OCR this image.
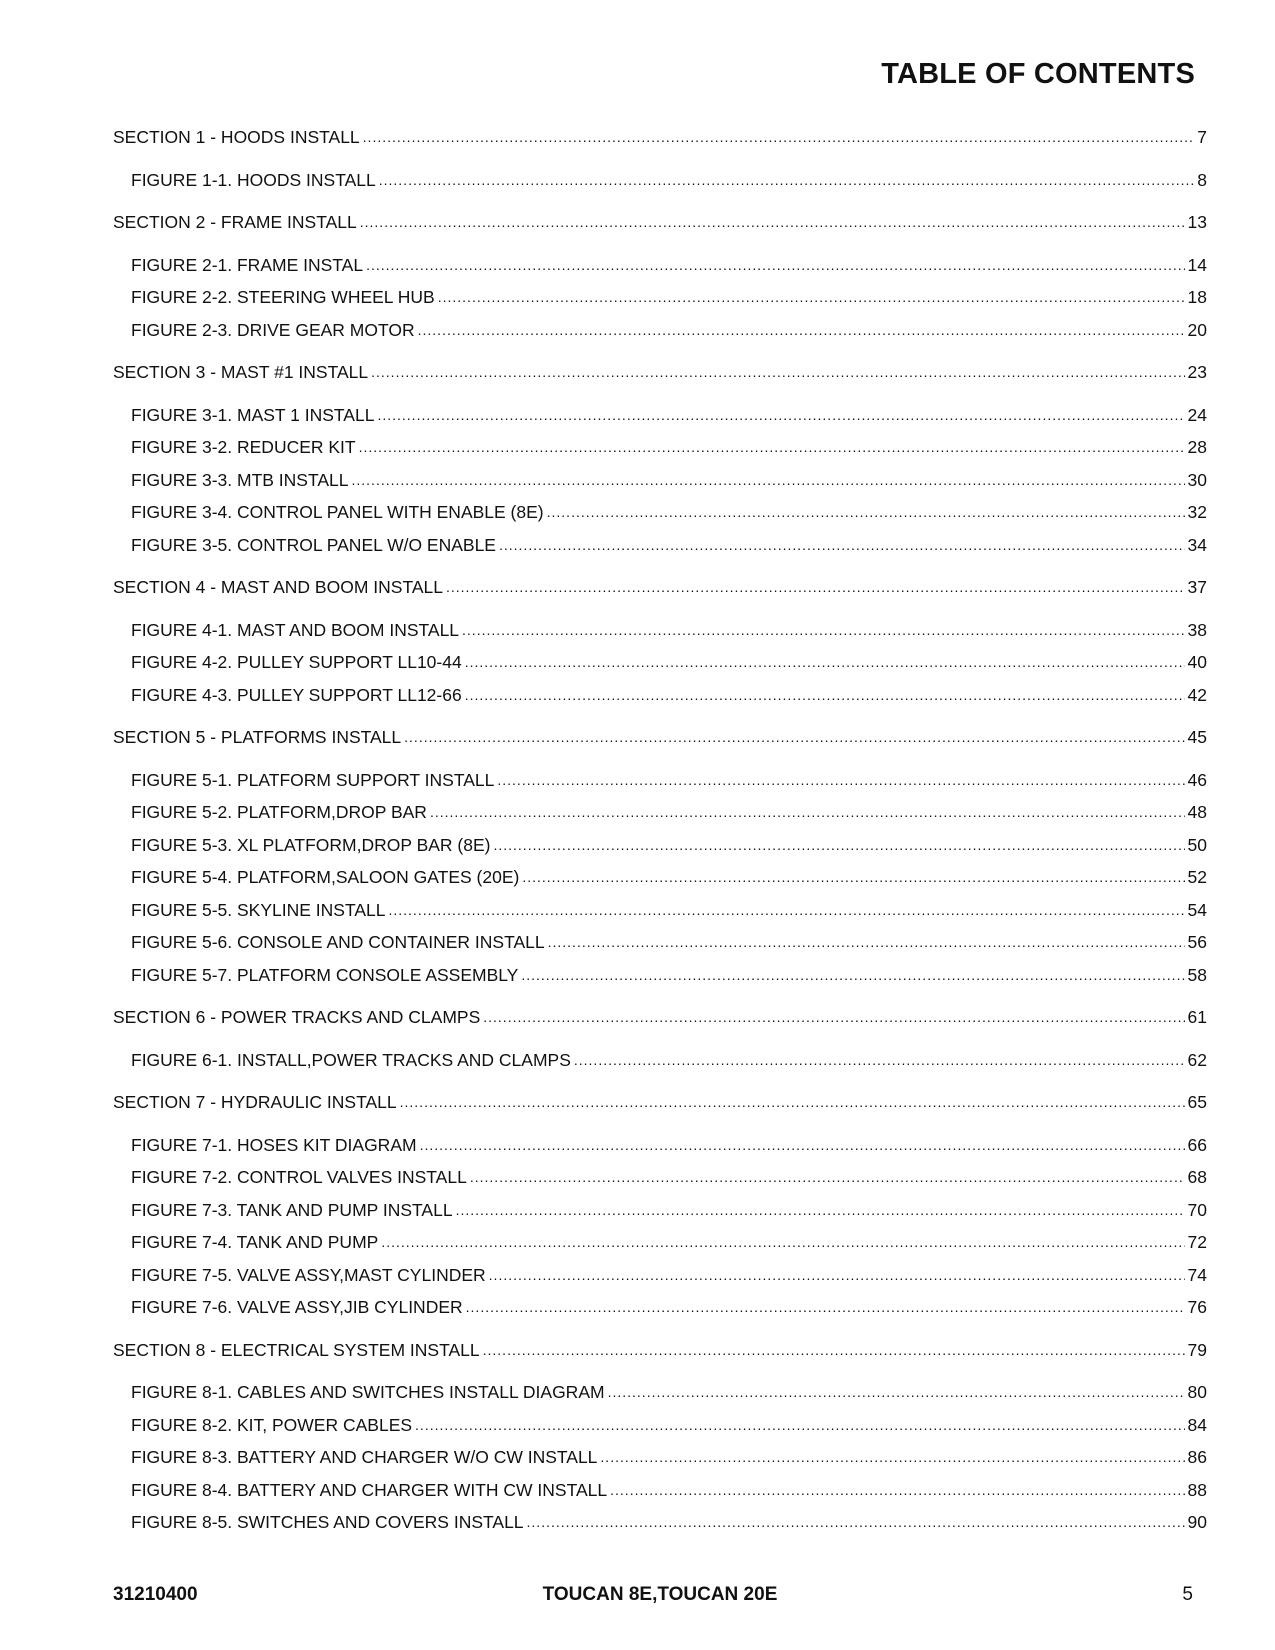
TABLE OF CONTENTS
SECTION 1 - HOODS INSTALL .....	7
FIGURE 1-1. HOODS INSTALL .....	8
SECTION 2 - FRAME INSTALL .....	13
FIGURE 2-1. FRAME INSTAL .....	14
FIGURE 2-2. STEERING WHEEL HUB .....	18
FIGURE 2-3. DRIVE GEAR MOTOR .....	20
SECTION 3 - MAST #1 INSTALL .....	23
FIGURE 3-1. MAST 1 INSTALL .....	24
FIGURE 3-2. REDUCER KIT .....	28
FIGURE 3-3. MTB INSTALL .....	30
FIGURE 3-4. CONTROL PANEL WITH ENABLE (8E) .....	32
FIGURE 3-5. CONTROL PANEL W/O ENABLE .....	34
SECTION 4 - MAST AND BOOM INSTALL .....	37
FIGURE 4-1. MAST AND BOOM INSTALL .....	38
FIGURE 4-2. PULLEY SUPPORT LL10-44 .....	40
FIGURE 4-3. PULLEY SUPPORT LL12-66 .....	42
SECTION 5 - PLATFORMS INSTALL .....	45
FIGURE 5-1. PLATFORM SUPPORT INSTALL .....	46
FIGURE 5-2. PLATFORM,DROP BAR .....	48
FIGURE 5-3. XL PLATFORM,DROP BAR (8E) .....	50
FIGURE 5-4. PLATFORM,SALOON GATES (20E) .....	52
FIGURE 5-5. SKYLINE INSTALL .....	54
FIGURE 5-6. CONSOLE AND CONTAINER INSTALL .....	56
FIGURE 5-7. PLATFORM CONSOLE ASSEMBLY .....	58
SECTION 6 - POWER TRACKS AND CLAMPS .....	61
FIGURE 6-1. INSTALL,POWER TRACKS AND CLAMPS .....	62
SECTION 7 - HYDRAULIC INSTALL .....	65
FIGURE 7-1. HOSES KIT DIAGRAM .....	66
FIGURE 7-2. CONTROL VALVES INSTALL .....	68
FIGURE 7-3. TANK AND PUMP INSTALL .....	70
FIGURE 7-4. TANK AND PUMP .....	72
FIGURE 7-5. VALVE ASSY,MAST CYLINDER .....	74
FIGURE 7-6. VALVE ASSY,JIB CYLINDER .....	76
SECTION 8 - ELECTRICAL SYSTEM INSTALL .....	79
FIGURE 8-1. CABLES AND SWITCHES INSTALL DIAGRAM .....	80
FIGURE 8-2. KIT, POWER CABLES .....	84
FIGURE 8-3. BATTERY AND CHARGER W/O CW INSTALL .....	86
FIGURE 8-4. BATTERY AND CHARGER WITH CW INSTALL .....	88
FIGURE 8-5. SWITCHES AND COVERS INSTALL .....	90
31210400	TOUCAN 8E,TOUCAN 20E	5
